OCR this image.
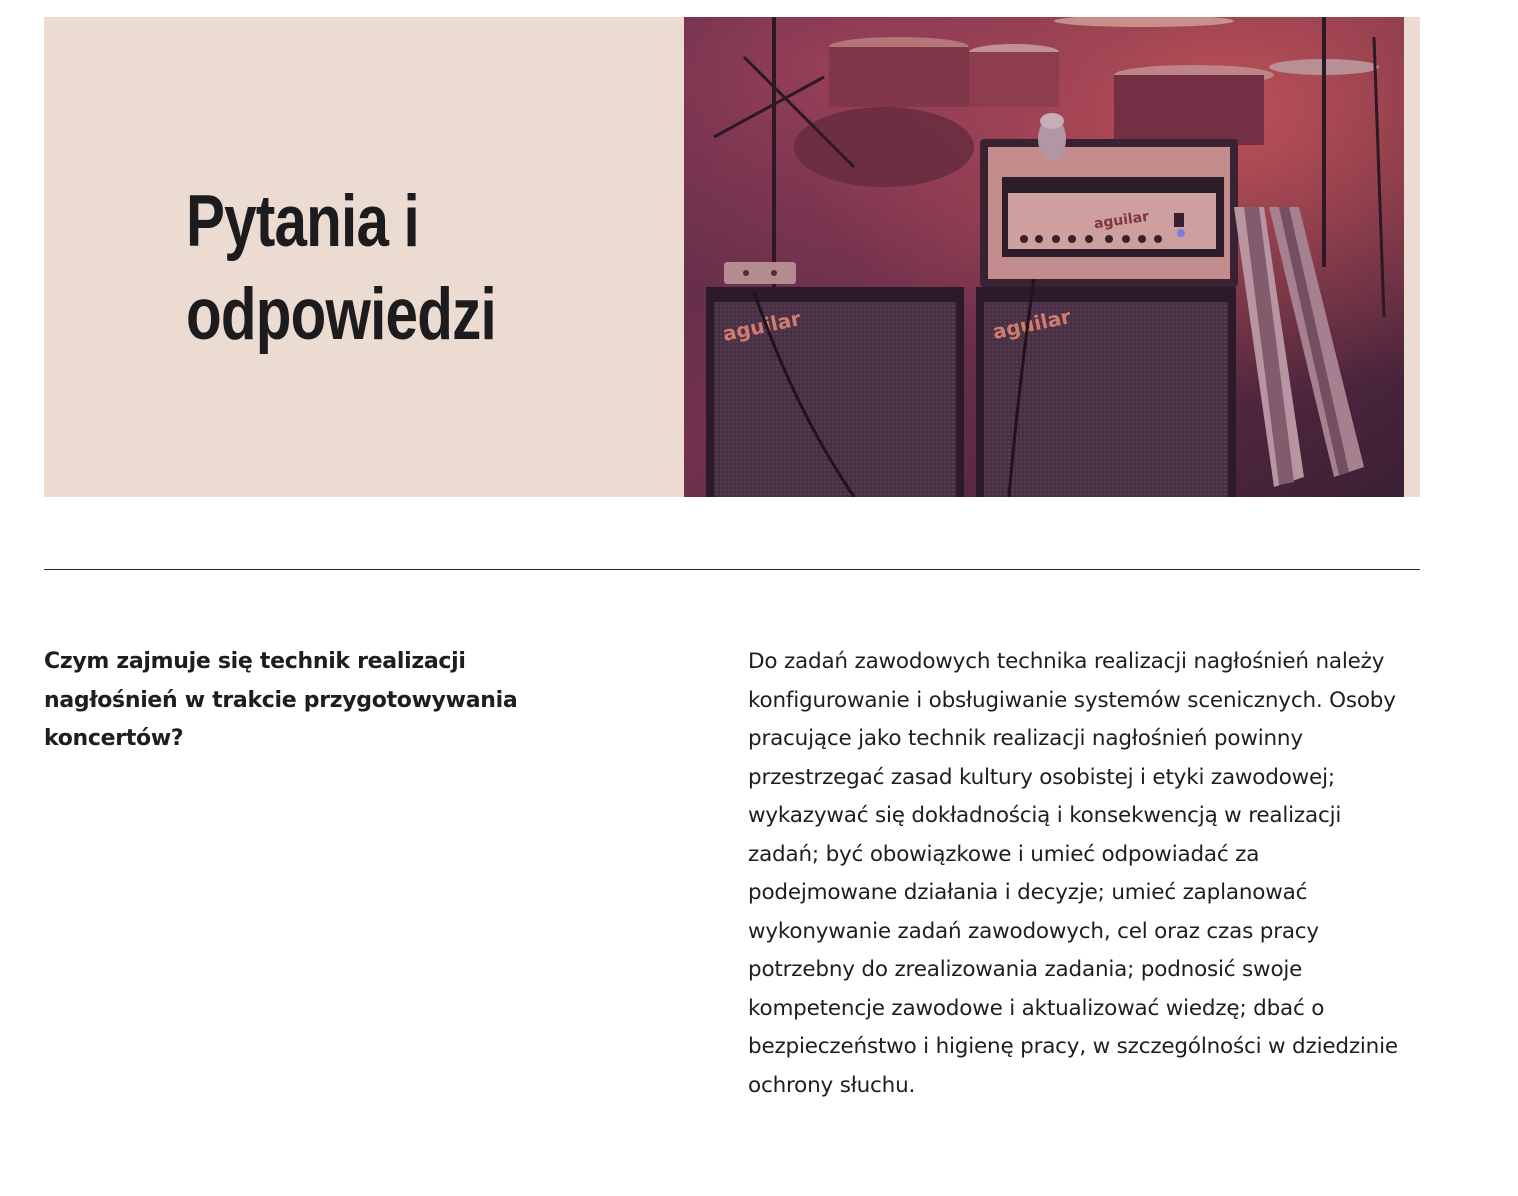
Pytania i odpowiedzi	aguilar	aguilar
aguilar

Czym zajmuje się technik realizacji nagłośnień w trakcie przygotowywania koncertów?

Do zadań zawodowych technika realizacji nagłośnień należy konfigurowanie i obsługiwanie systemów scenicznych. Osoby pracujące jako technik realizacji nagłośnień powinny przestrzegać zasad kultury osobistej i etyki zawodowej; wykazywać się dokładnością i konsekwencją w realizacji zadań; być obowiązkowe i umieć odpowiadać za podejmowane działania i decyzje; umieć zaplanować wykonywanie zadań zawodowych, cel oraz czas pracy potrzebny do zrealizowania zadania; podnosić swoje kompetencje zawodowe i aktualizować wiedzę; dbać o bezpieczeństwo i higienę pracy, w szczególności w dziedzinie ochrony słuchu.
